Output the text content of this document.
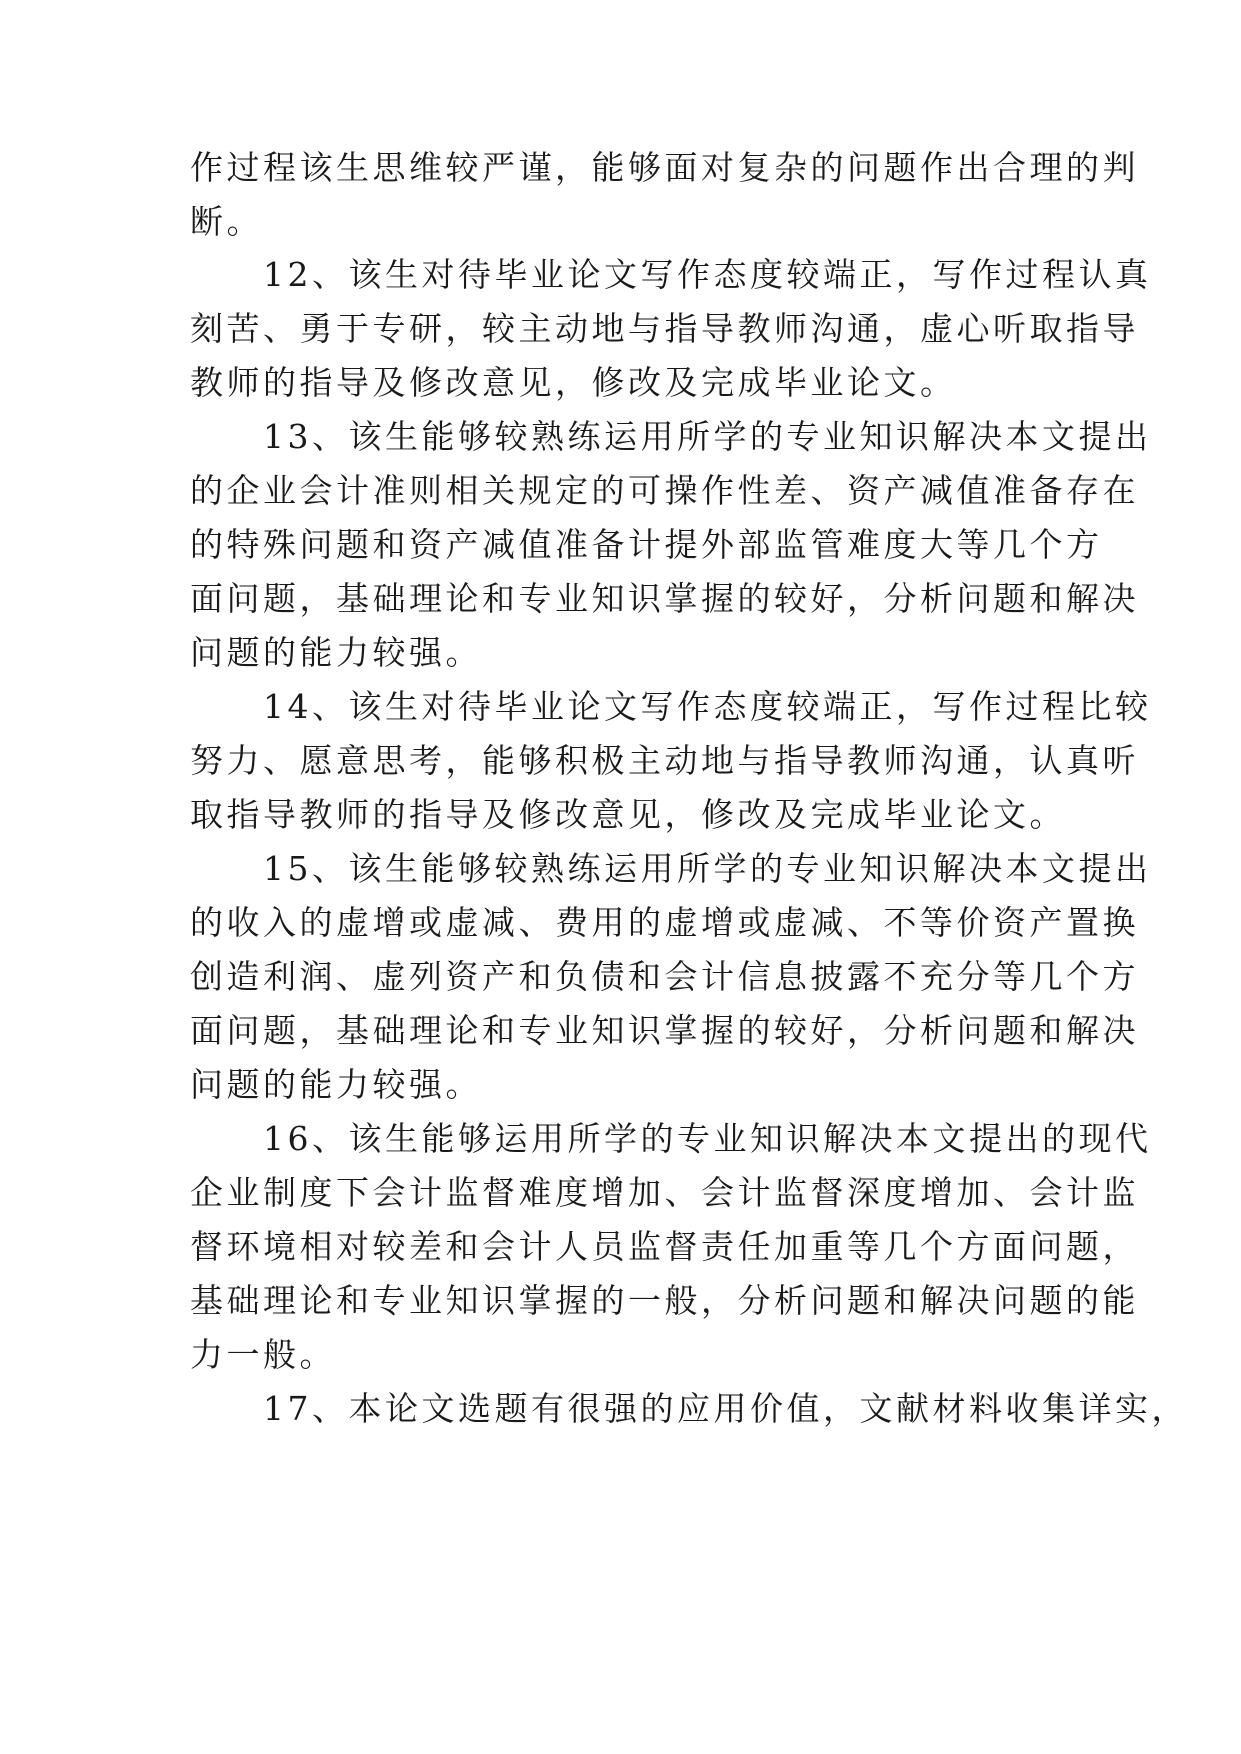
作过程该生思维较严谨，能够面对复杂的问题作出合理的判
断。
　　12、该生对待毕业论文写作态度较端正，写作过程认真
刻苦、勇于专研，较主动地与指导教师沟通，虚心听取指导
教师的指导及修改意见，修改及完成毕业论文。
　　13、该生能够较熟练运用所学的专业知识解决本文提出
的企业会计准则相关规定的可操作性差、资产减值准备存在
的特殊问题和资产减值准备计提外部监管难度大等几个方
面问题，基础理论和专业知识掌握的较好，分析问题和解决
问题的能力较强。
　　14、该生对待毕业论文写作态度较端正，写作过程比较
努力、愿意思考，能够积极主动地与指导教师沟通，认真听
取指导教师的指导及修改意见，修改及完成毕业论文。
　　15、该生能够较熟练运用所学的专业知识解决本文提出
的收入的虚增或虚减、费用的虚增或虚减、不等价资产置换
创造利润、虚列资产和负债和会计信息披露不充分等几个方
面问题，基础理论和专业知识掌握的较好，分析问题和解决
问题的能力较强。
　　16、该生能够运用所学的专业知识解决本文提出的现代
企业制度下会计监督难度增加、会计监督深度增加、会计监
督环境相对较差和会计人员监督责任加重等几个方面问题，
基础理论和专业知识掌握的一般，分析问题和解决问题的能
力一般。
　　17、本论文选题有很强的应用价值，文献材料收集详实，
